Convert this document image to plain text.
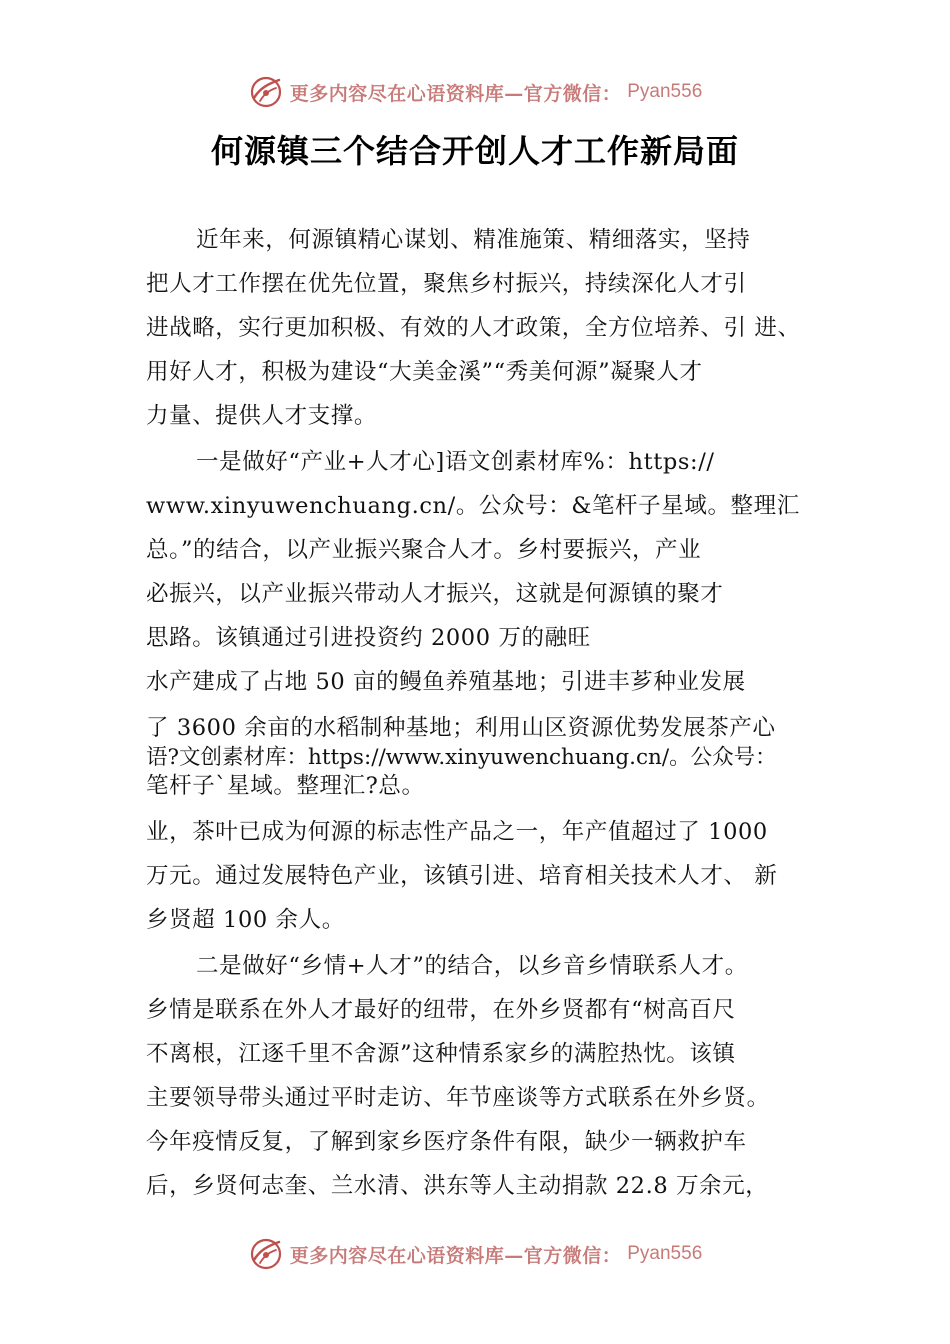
更多内容尽在心语资料库—官方微信： Pyan556
何源镇三个结合开创人才工作新局面
近年来，何源镇精心谋划、精准施策、精细落实，坚持
把人才工作摆在优先位置，聚焦乡村振兴，持续深化人才引
进战略，实行更加积极、有效的人才政策，全方位培养、引 进、
用好人才，积极为建设“大美金溪”“秀美何源”凝聚人才
力量、提供人才支撑。
一是做好“产业+人才心]语文创素材库%：https://
www.xinyuwenchuang.cn/。公众号：&笔杆子星域。整理汇
总。”的结合，以产业振兴聚合人才。乡村要振兴，产业
必振兴，以产业振兴带动人才振兴，这就是何源镇的聚才
思路。该镇通过引进投资约 2000 万的融旺
水产建成了占地 50 亩的鳗鱼养殖基地；引进丰芗种业发展
了 3600 余亩的水稻制种基地；利用山区资源优势发展茶产心
语?文创素材库：https://www.xinyuwenchuang.cn/。公众号：
笔杆子`星域。整理汇?总。
业，茶叶已成为何源的标志性产品之一，年产值超过了 1000
万元。通过发展特色产业，该镇引进、培育相关技术人才、 新
乡贤超 100 余人。
二是做好“乡情+人才”的结合，以乡音乡情联系人才。
乡情是联系在外人才最好的纽带，在外乡贤都有“树高百尺
不离根，江逐千里不舍源”这种情系家乡的满腔热忱。该镇
主要领导带头通过平时走访、年节座谈等方式联系在外乡贤。
今年疫情反复，了解到家乡医疗条件有限，缺少一辆救护车
后，乡贤何志奎、兰水清、洪东等人主动捐款 22.8 万余元，
更多内容尽在心语资料库—官方微信： Pyan556
